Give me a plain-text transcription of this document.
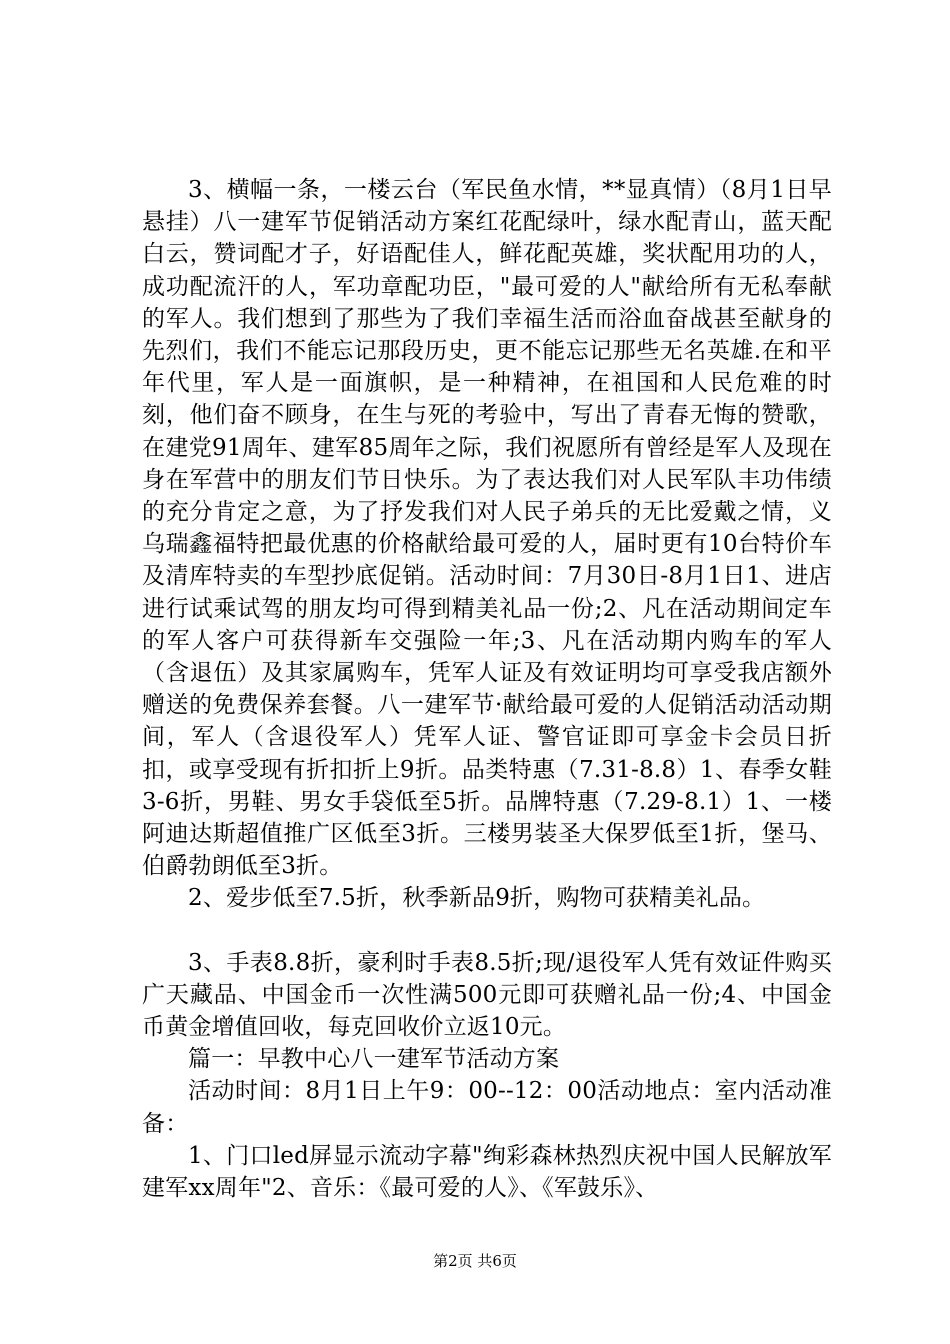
3、横幅一条，一楼云台（军民鱼水情，**显真情）（8月1日早悬挂）八一建军节促销活动方案红花配绿叶，绿水配青山，蓝天配白云，赞词配才子，好语配佳人，鲜花配英雄，奖状配用功的人，成功配流汗的人，军功章配功臣，"最可爱的人"献给所有无私奉献的军人。我们想到了那些为了我们幸福生活而浴血奋战甚至献身的先烈们，我们不能忘记那段历史，更不能忘记那些无名英雄.在和平年代里，军人是一面旗帜，是一种精神，在祖国和人民危难的时刻，他们奋不顾身，在生与死的考验中，写出了青春无悔的赞歌，在建党91周年、建军85周年之际，我们祝愿所有曾经是军人及现在身在军营中的朋友们节日快乐。为了表达我们对人民军队丰功伟绩的充分肯定之意，为了抒发我们对人民子弟兵的无比爱戴之情，义乌瑞鑫福特把最优惠的价格献给最可爱的人，届时更有10台特价车及清库特卖的车型抄底促销。活动时间：7月30日-8月1日1、进店进行试乘试驾的朋友均可得到精美礼品一份;2、凡在活动期间定车的军人客户可获得新车交强险一年;3、凡在活动期内购车的军人（含退伍）及其家属购车，凭军人证及有效证明均可享受我店额外赠送的免费保养套餐。八一建军节·献给最可爱的人促销活动活动期间，军人（含退役军人）凭军人证、警官证即可享金卡会员日折扣，或享受现有折扣折上9折。品类特惠（7.31-8.8）1、春季女鞋3-6折，男鞋、男女手袋低至5折。品牌特惠（7.29-8.1）1、一楼阿迪达斯超值推广区低至3折。三楼男装圣大保罗低至1折，堡马、伯爵勃朗低至3折。

2、爱步低至7.5折，秋季新品9折，购物可获精美礼品。

3、手表8.8折，豪利时手表8.5折;现/退役军人凭有效证件购买广天藏品、中国金币一次性满500元即可获赠礼品一份;4、中国金币黄金增值回收，每克回收价立返10元。

篇一：早教中心八一建军节活动方案

活动时间：8月1日上午9：00--12：00活动地点：室内活动准备：

1、门口led屏显示流动字幕"绚彩森林热烈庆祝中国人民解放军建军xx周年"2、音乐：《最可爱的人》、《军鼓乐》、

第2页 共6页
